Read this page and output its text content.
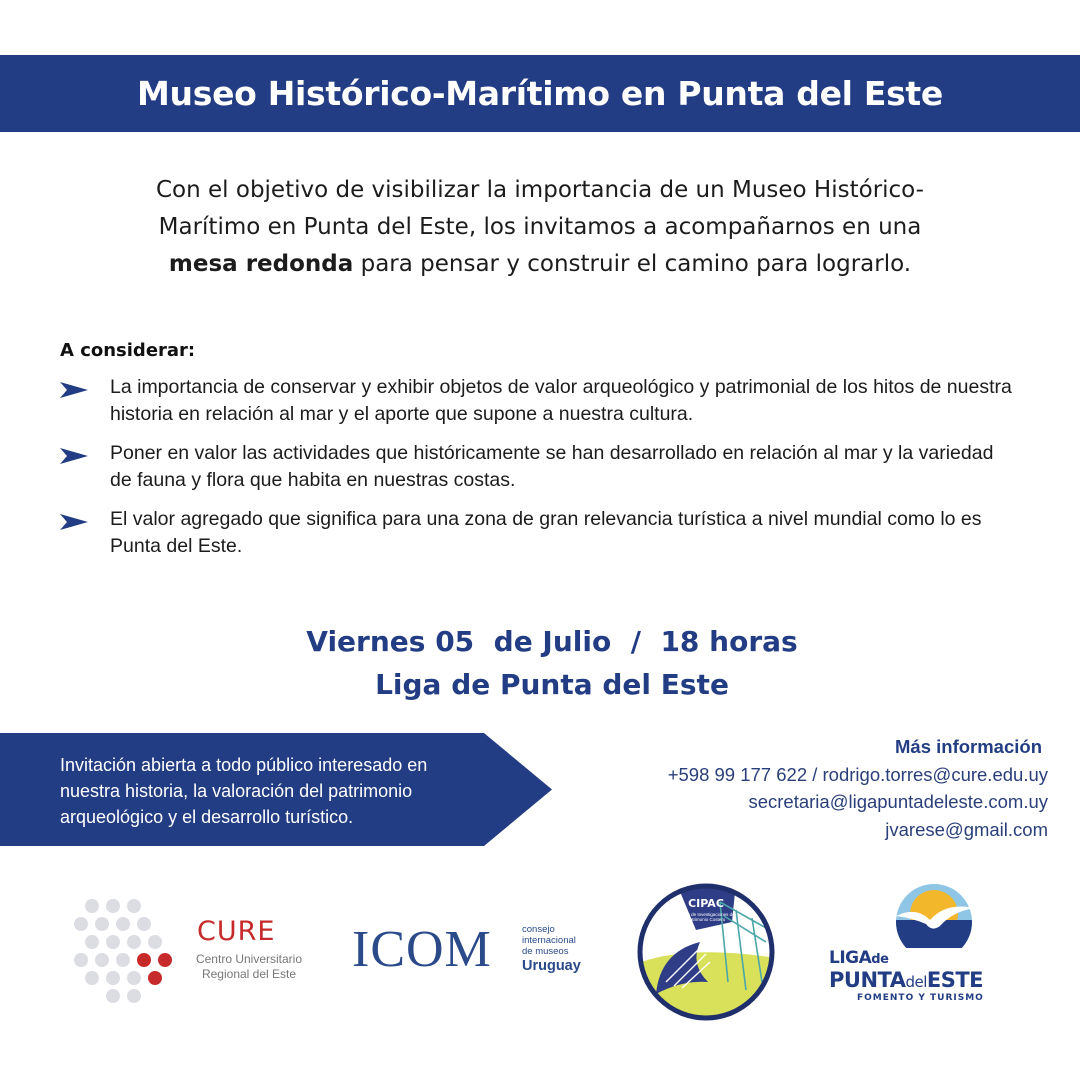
Museo Histórico-Marítimo en Punta del Este
Con el objetivo de visibilizar la importancia de un Museo Histórico-
Marítimo en Punta del Este, los invitamos a acompañarnos en una
mesa redonda para pensar y construir el camino para lograrlo.
A considerar:
La importancia de conservar y exhibir objetos de valor arqueológico y patrimonial de los hitos de nuestra historia en relación al mar y el aporte que supone a nuestra cultura.
Poner en valor las actividades que históricamente se han desarrollado en relación al mar y la variedad de fauna y flora que habita en nuestras costas.
El valor agregado que significa para una zona de gran relevancia turística a nivel mundial como lo es Punta del Este.
Viernes 05  de Julio  /  18 horas
Liga de Punta del Este
Invitación abierta a todo público interesado en nuestra historia, la valoración del patrimonio arqueológico y el desarrollo turístico.
Más información
+598 99 177 622 / rodrigo.torres@cure.edu.uy
secretaria@ligapuntadeleste.com.uy
jvarese@gmail.com
CURE
Centro Universitario Regional del Este ICOM	consejo
internacional
de museos
Uruguay
CIPAC
Centro de Investigaciones del Patrimonio Costero
LIGAde
PUNTAdelESTE
FOMENTO Y TURISMO
